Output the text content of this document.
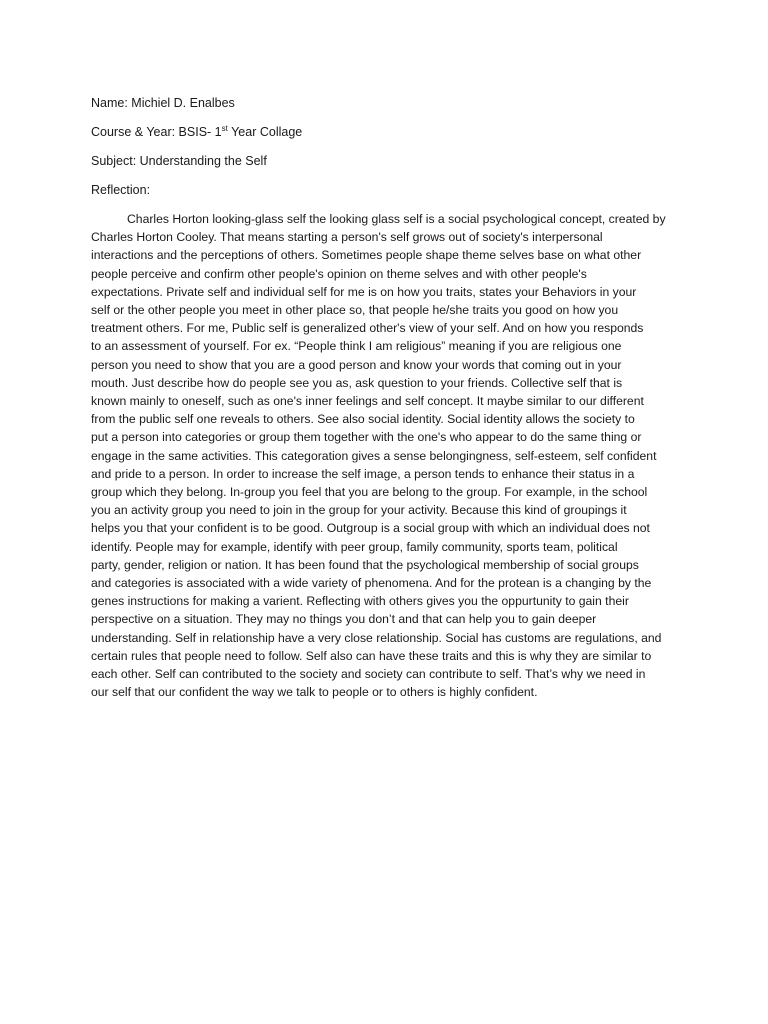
Name: Michiel D. Enalbes
Course & Year: BSIS- 1st Year Collage
Subject: Understanding the Self
Reflection:
Charles Horton looking-glass self the looking glass self is a social psychological concept, created by
Charles Horton Cooley. That means starting a person's self grows out of society's interpersonal
interactions and the perceptions of others. Sometimes people shape theme selves base on what other
people perceive and confirm other people's opinion on theme selves and with other people's
expectations. Private self and individual self for me is on how you traits, states your Behaviors in your
self or the other people you meet in other place so, that people he/she traits you good on how you
treatment others. For me, Public self is generalized other's view of your self. And on how you responds
to an assessment of yourself. For ex. “People think I am religious” meaning if you are religious one
person you need to show that you are a good person and know your words that coming out in your
mouth. Just describe how do people see you as, ask question to your friends. Collective self that is
known mainly to oneself, such as one's inner feelings and self concept. It maybe similar to our different
from the public self one reveals to others. See also social identity. Social identity allows the society to
put a person into categories or group them together with the one's who appear to do the same thing or
engage in the same activities. This categoration gives a sense belongingness, self-esteem, self confident
and pride to a person. In order to increase the self image, a person tends to enhance their status in a
group which they belong. In-group you feel that you are belong to the group. For example, in the school
you an activity group you need to join in the group for your activity. Because this kind of groupings it
helps you that your confident is to be good. Outgroup is a social group with which an individual does not
identify. People may for example, identify with peer group, family community, sports team, political
party, gender, religion or nation. It has been found that the psychological membership of social groups
and categories is associated with a wide variety of phenomena. And for the protean is a changing by the
genes instructions for making a varient. Reflecting with others gives you the oppurtunity to gain their
perspective on a situation. They may no things you don’t and that can help you to gain deeper
understanding. Self in relationship have a very close relationship. Social has customs are regulations, and
certain rules that people need to follow. Self also can have these traits and this is why they are similar to
each other. Self can contributed to the society and society can contribute to self. That’s why we need in
our self that our confident the way we talk to people or to others is highly confident.
